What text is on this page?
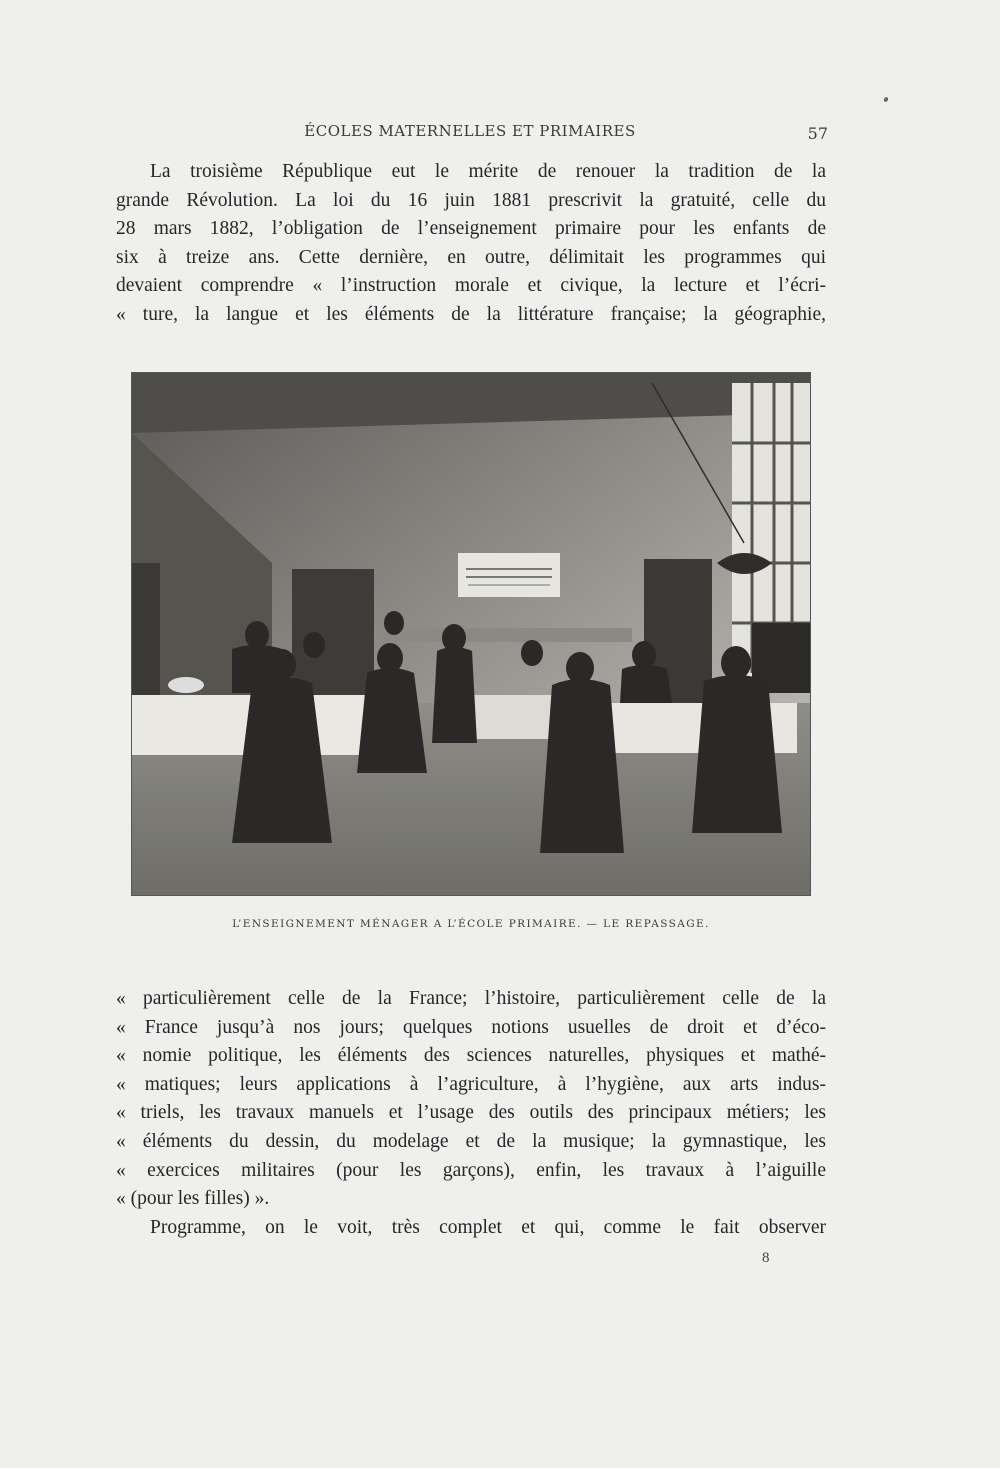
ÉCOLES MATERNELLES ET PRIMAIRES	57
La troisième République eut le mérite de renouer la tradition de la
grande Révolution. La loi du 16 juin 1881 prescrivit la gratuité, celle du
28 mars 1882, l’obligation de l’enseignement primaire pour les enfants de
six à treize ans. Cette dernière, en outre, délimitait les programmes qui
devaient comprendre « l’instruction morale et civique, la lecture et l’écri-
« ture, la langue et les éléments de la littérature française; la géographie,
L’ENSEIGNEMENT MÉNAGER A L’ÉCOLE PRIMAIRE. — LE REPASSAGE.
« particulièrement celle de la France; l’histoire, particulièrement celle de la
« France jusqu’à nos jours; quelques notions usuelles de droit et d’éco-
« nomie politique, les éléments des sciences naturelles, physiques et mathé-
« matiques; leurs applications à l’agriculture, à l’hygiène, aux arts indus-
« triels, les travaux manuels et l’usage des outils des principaux métiers; les
« éléments du dessin, du modelage et de la musique; la gymnastique, les
« exercices militaires (pour les garçons), enfin, les travaux à l’aiguille
« (pour les filles) ».
Programme, on le voit, très complet et qui, comme le fait observer
8
